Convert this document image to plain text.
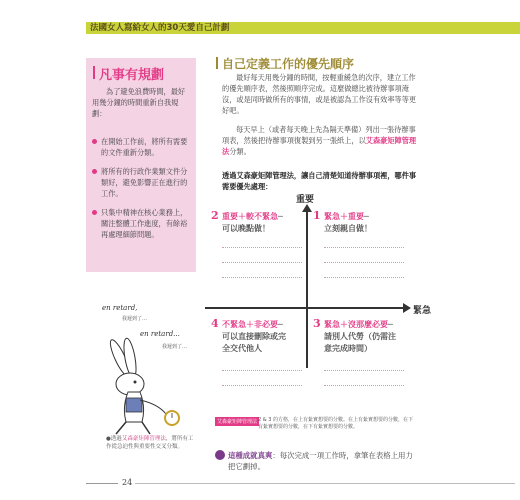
法國女人寫給女人的30天愛自己計劃
凡事有規劃
為了避免浪費時間，最好用幾分鐘的時間重新自我規劃：
在開始工作前，將所有需要的文件重新分類。
將所有的行政作業類文件分類好，避免影響正在進行的工作。
只集中精神在核心業務上，關注整體工作進度，有餘裕再處理細節問題。
en retard,
我遲到了…
en retard...
我遲到了…
●透過艾森豪矩陣管理法，將所有工作從急迫性與重要性交叉分類。
24
自己定義工作的優先順序
最好每天用幾分鐘的時間，按輕重緩急的次序，建立工作的優先順序表，然後照順序完成。這麼做總比被待辦事項淹沒，或是同時做所有的事情，或是被認為工作沒有效率等等更好吧。
每天早上（或者每天晚上先為隔天準備）列出一張待辦事項表，然後把待辦事項復製到另一張紙上，以艾森豪矩陣管理法分類。
透過艾森豪矩陣管理法，讓自己清楚知道待辦事項裡，哪件事需要優先處理：
重要
緊急
2 重要＋較不緊急─
可以晚點做！
1 緊急＋重要─
立刻親自做！
4 不緊急＋非必要─
可以直接刪除或完
全交代他人
3 緊急＋沒那麼必要─
請別人代勞（仍需注
意完成時間）
艾森豪矩陣管理法 2 & 3 的方格，在上有紮實想要的分數。在上有紮實想要的分數，在下有紮實想要的分數，在下有紮實想要的分數。
這種成就真爽：每次完成一項工作時，拿筆在表格上用力把它劃掉。
